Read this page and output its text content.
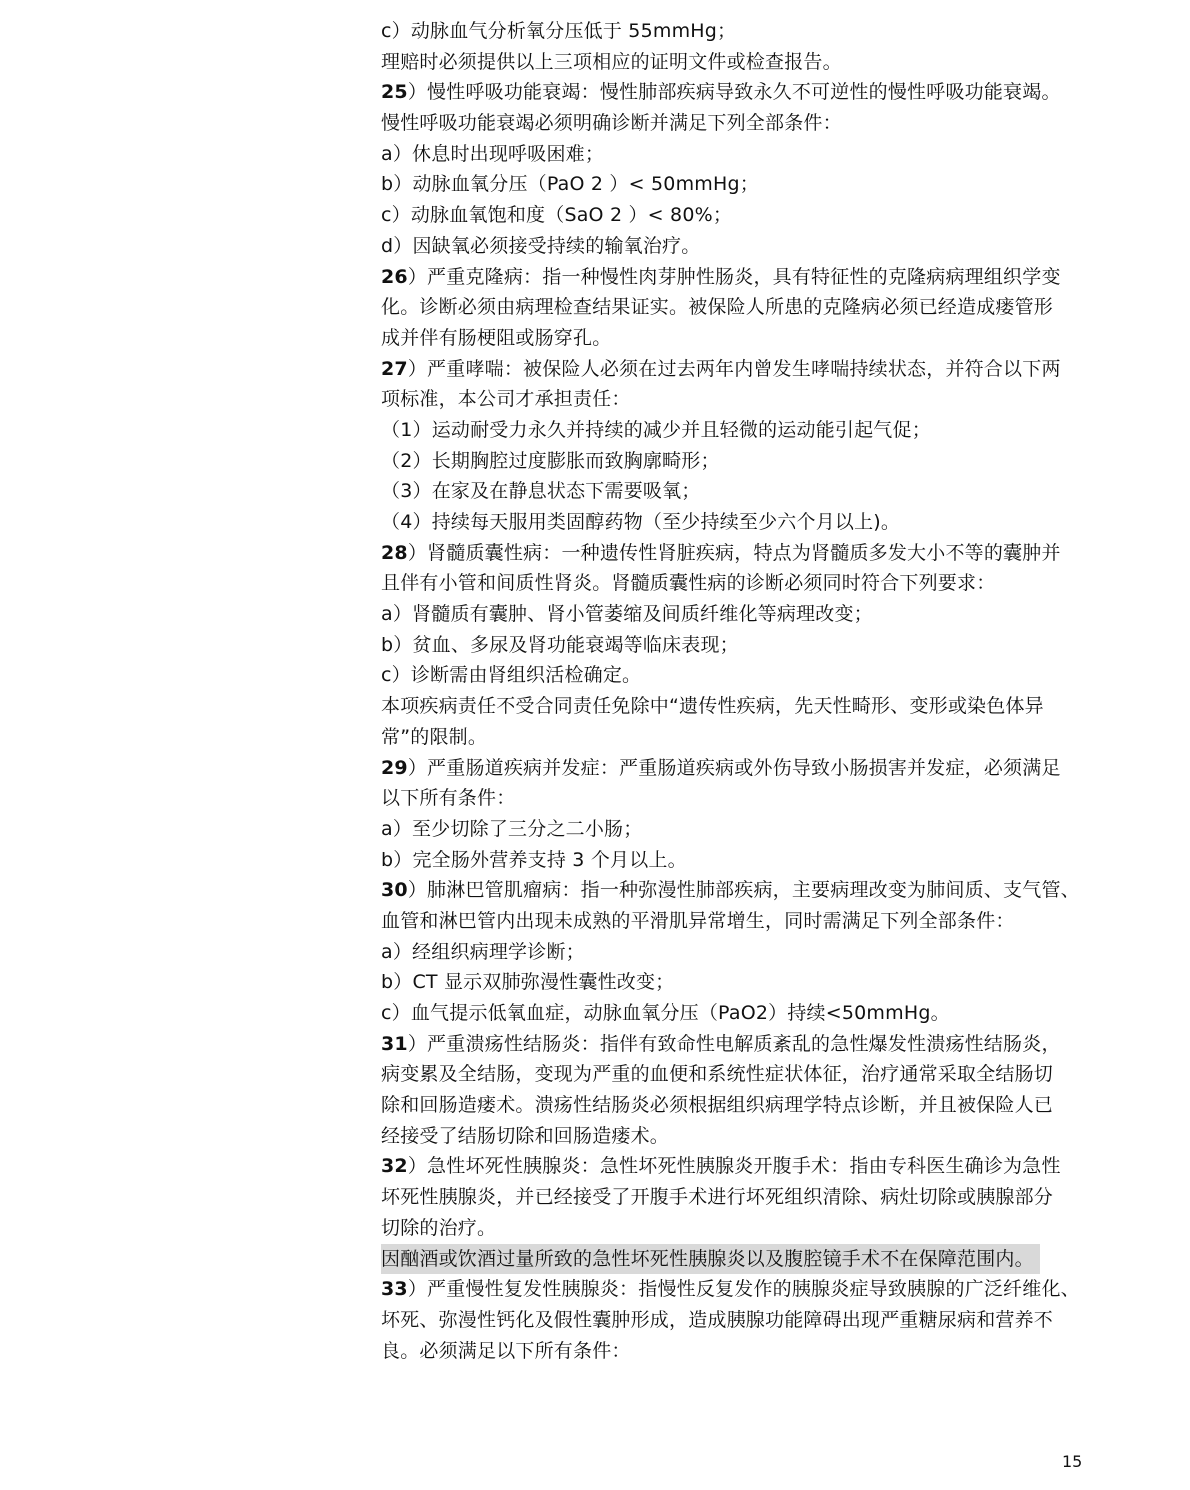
c）动脉血气分析氧分压低于 55mmHg；
理赔时必须提供以上三项相应的证明文件或检查报告。
25）慢性呼吸功能衰竭：慢性肺部疾病导致永久不可逆性的慢性呼吸功能衰竭。
慢性呼吸功能衰竭必须明确诊断并满足下列全部条件：
a）休息时出现呼吸困难；
b）动脉血氧分压（PaO 2 ）< 50mmHg；
c）动脉血氧饱和度（SaO 2 ）< 80%；
d）因缺氧必须接受持续的输氧治疗。
26）严重克隆病：指一种慢性肉芽肿性肠炎，具有特征性的克隆病病理组织学变
化。诊断必须由病理检查结果证实。被保险人所患的克隆病必须已经造成瘘管形
成并伴有肠梗阻或肠穿孔。
27）严重哮喘：被保险人必须在过去两年内曾发生哮喘持续状态，并符合以下两
项标准，本公司才承担责任：
（1）运动耐受力永久并持续的减少并且轻微的运动能引起气促；
（2）长期胸腔过度膨胀而致胸廓畸形；
（3）在家及在静息状态下需要吸氧；
（4）持续每天服用类固醇药物（至少持续至少六个月以上)。
28）肾髓质囊性病：一种遗传性肾脏疾病，特点为肾髓质多发大小不等的囊肿并
且伴有小管和间质性肾炎。肾髓质囊性病的诊断必须同时符合下列要求：
a）肾髓质有囊肿、肾小管萎缩及间质纤维化等病理改变；
b）贫血、多尿及肾功能衰竭等临床表现；
c）诊断需由肾组织活检确定。
本项疾病责任不受合同责任免除中“遗传性疾病，先天性畸形、变形或染色体异
常”的限制。
29）严重肠道疾病并发症：严重肠道疾病或外伤导致小肠损害并发症，必须满足
以下所有条件：
a）至少切除了三分之二小肠；
b）完全肠外营养支持 3 个月以上。
30）肺淋巴管肌瘤病：指一种弥漫性肺部疾病，主要病理改变为肺间质、支气管、
血管和淋巴管内出现未成熟的平滑肌异常增生，同时需满足下列全部条件：
a）经组织病理学诊断；
b）CT 显示双肺弥漫性囊性改变；
c）血气提示低氧血症，动脉血氧分压（PaO2）持续<50mmHg。
31）严重溃疡性结肠炎：指伴有致命性电解质紊乱的急性爆发性溃疡性结肠炎，
病变累及全结肠，变现为严重的血便和系统性症状体征，治疗通常采取全结肠切
除和回肠造瘘术。溃疡性结肠炎必须根据组织病理学特点诊断，并且被保险人已
经接受了结肠切除和回肠造瘘术。
32）急性坏死性胰腺炎：急性坏死性胰腺炎开腹手术：指由专科医生确诊为急性
坏死性胰腺炎，并已经接受了开腹手术进行坏死组织清除、病灶切除或胰腺部分
切除的治疗。
因酗酒或饮酒过量所致的急性坏死性胰腺炎以及腹腔镜手术不在保障范围内。
33）严重慢性复发性胰腺炎：指慢性反复发作的胰腺炎症导致胰腺的广泛纤维化、
坏死、弥漫性钙化及假性囊肿形成，造成胰腺功能障碍出现严重糖尿病和营养不
良。必须满足以下所有条件：
15
